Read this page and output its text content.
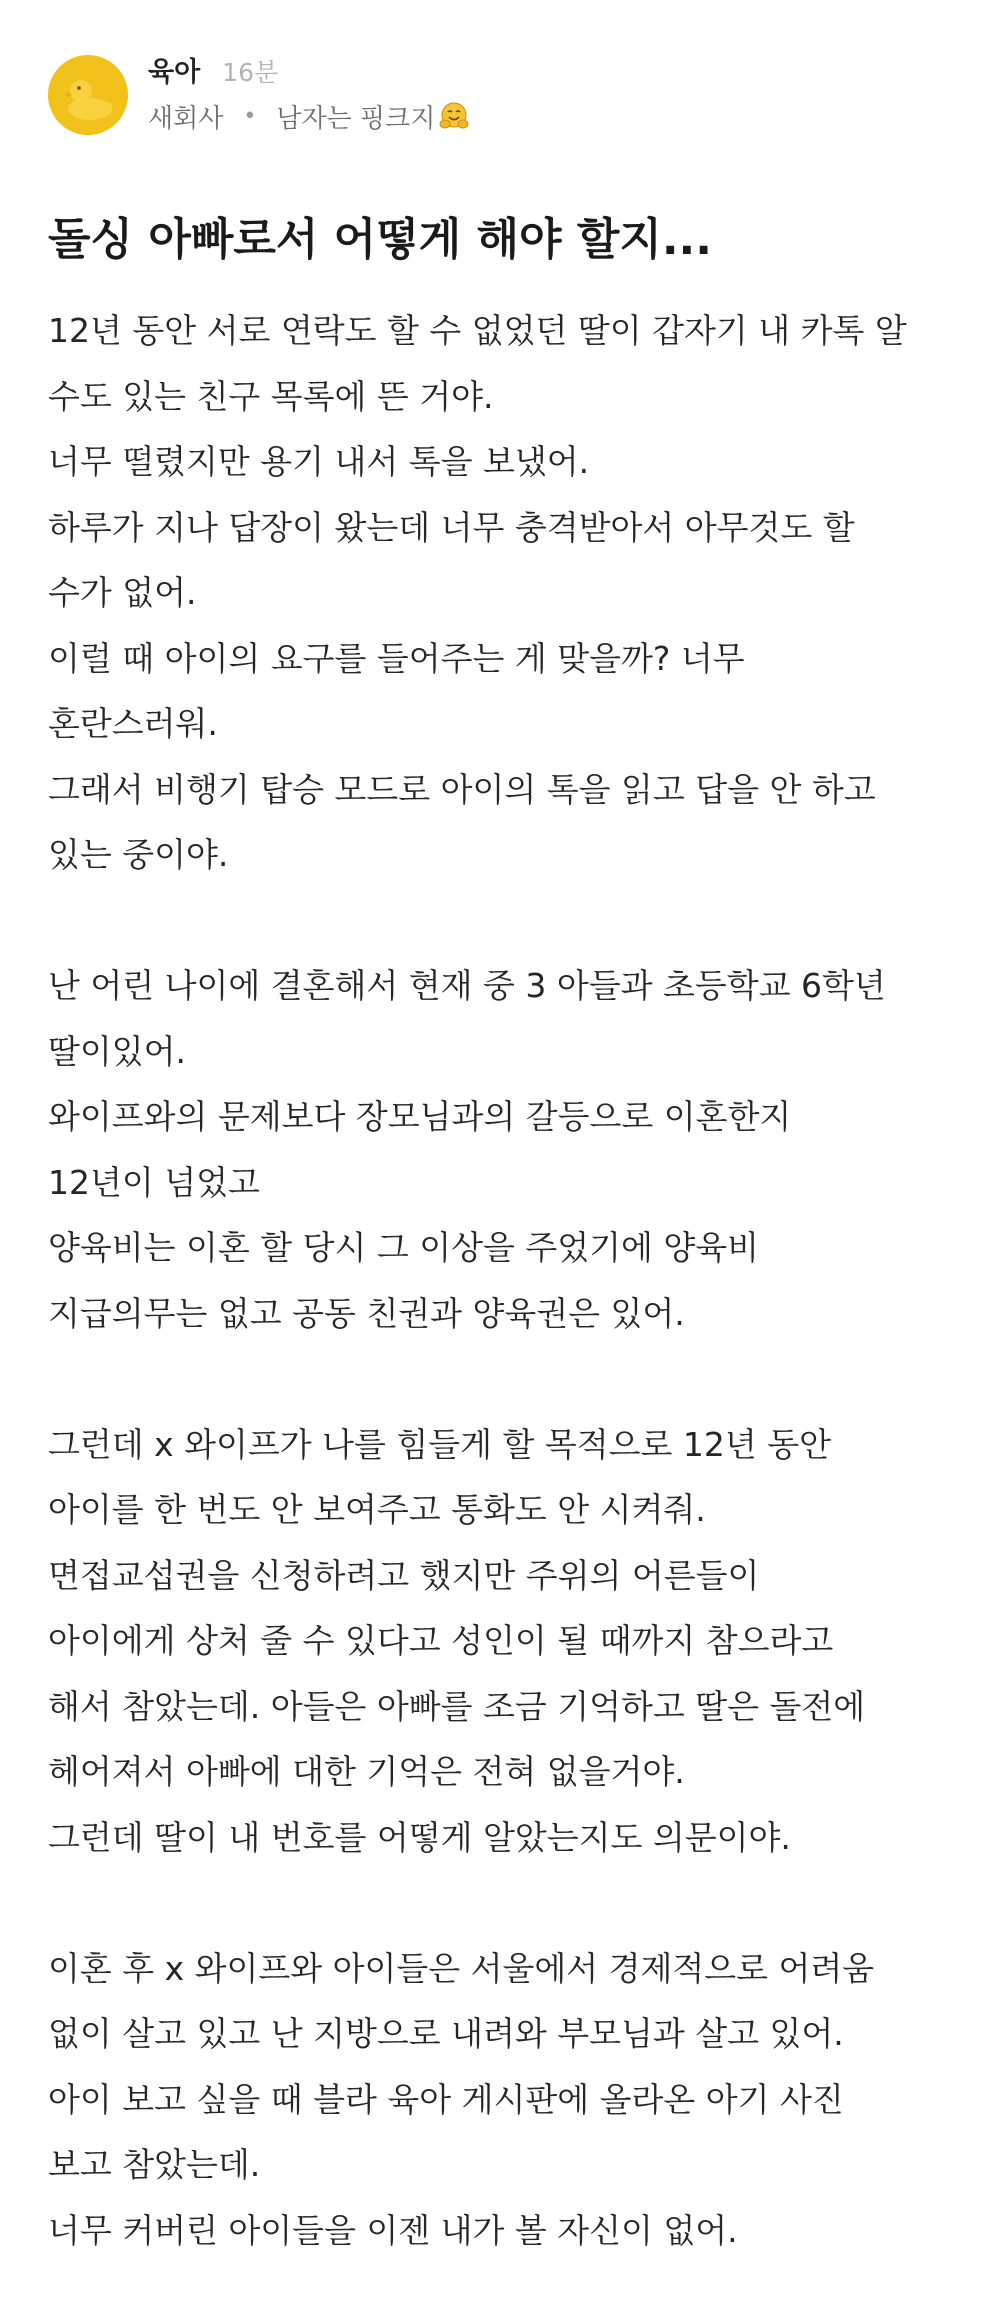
육아 16분
새회사 • 남자는 핑크지
돌싱 아빠로서 어떻게 해야 할지...
12년 동안 서로 연락도 할 수 없었던 딸이 갑자기 내 카톡 알
수도 있는 친구 목록에 뜬 거야.
너무 떨렸지만 용기 내서 톡을 보냈어.
하루가 지나 답장이 왔는데 너무 충격받아서 아무것도 할
수가 없어.
이럴 때 아이의 요구를 들어주는 게 맞을까? 너무
혼란스러워.
그래서 비행기 탑승 모드로 아이의 톡을 읽고 답을 안 하고
있는 중이야.
난 어린 나이에 결혼해서 현재 중 3 아들과 초등학교 6학년
딸이있어.
와이프와의 문제보다 장모님과의 갈등으로 이혼한지
12년이 넘었고
양육비는 이혼 할 당시 그 이상을 주었기에 양육비
지급의무는 없고 공동 친권과 양육권은 있어.
그런데 x 와이프가 나를 힘들게 할 목적으로 12년 동안
아이를 한 번도 안 보여주고 통화도 안 시켜줘.
면접교섭권을 신청하려고 했지만 주위의 어른들이
아이에게 상처 줄 수 있다고 성인이 될 때까지 참으라고
해서 참았는데. 아들은 아빠를 조금 기억하고 딸은 돌전에
헤어져서 아빠에 대한 기억은 전혀 없을거야.
그런데 딸이 내 번호를 어떻게 알았는지도 의문이야.
이혼 후 x 와이프와 아이들은 서울에서 경제적으로 어려움
없이 살고 있고 난 지방으로 내려와 부모님과 살고 있어.
아이 보고 싶을 때 블라 육아 게시판에 올라온 아기 사진
보고 참았는데.
너무 커버린 아이들을 이젠 내가 볼 자신이 없어.
